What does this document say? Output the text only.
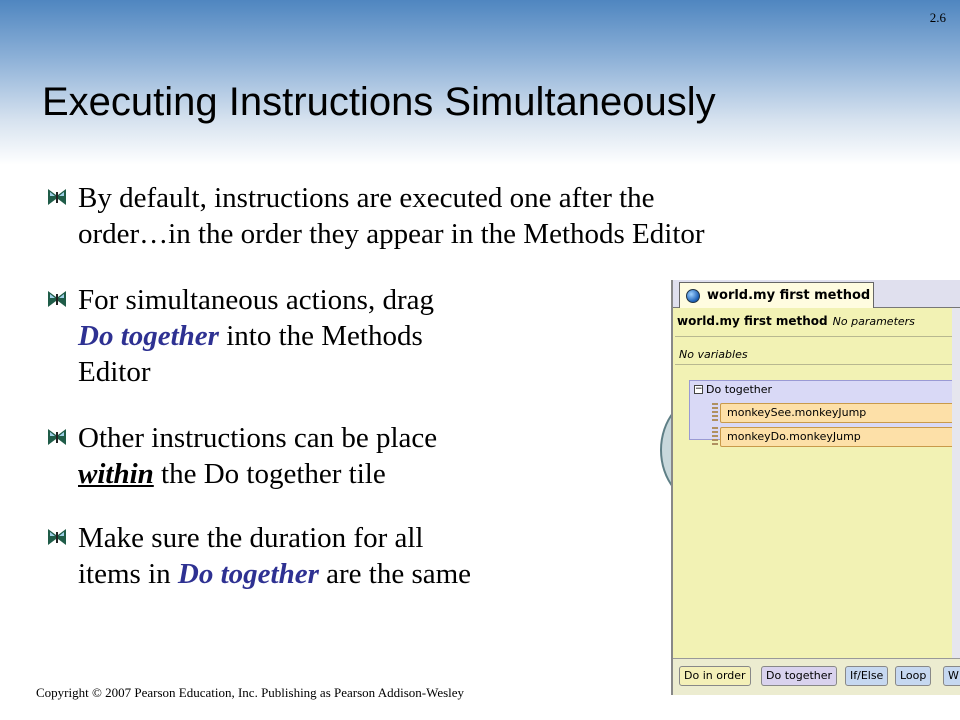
2.6
Executing Instructions Simultaneously
By default, instructions are executed one after the
order…in the order they appear in the Methods Editor
For simultaneous actions, drag
Do together into the Methods
Editor
Other instructions can be place
within the Do together tile
Make sure the duration for all
items in Do together are the same
world.my first method
world.my first method No parameters
No variables
− Do together
monkeySee.monkeyJump
monkeyDo.monkeyJump
Do in order	Do together	If/Else	Loop	W
Copyright © 2007 Pearson Education, Inc. Publishing as Pearson Addison-Wesley
